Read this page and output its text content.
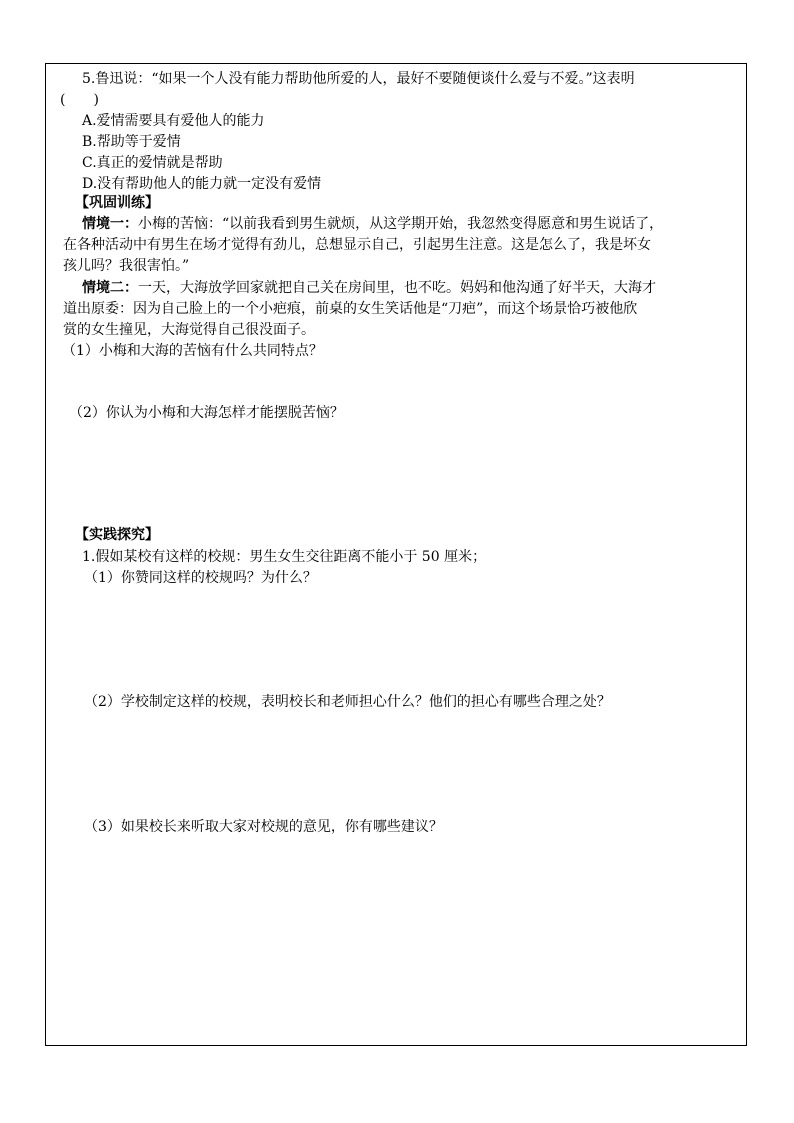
5.鲁迅说：“如果一个人没有能力帮助他所爱的人，最好不要随便谈什么爱与不爱。”这表明
(　　)
A.爱情需要具有爱他人的能力
B.帮助等于爱情
C.真正的爱情就是帮助
D.没有帮助他人的能力就一定没有爱情
【巩固训练】
情境一：小梅的苦恼：“以前我看到男生就烦，从这学期开始，我忽然变得愿意和男生说话了，
在各种活动中有男生在场才觉得有劲儿，总想显示自己，引起男生注意。这是怎么了，我是坏女
孩儿吗？我很害怕。”
情境二：一天，大海放学回家就把自己关在房间里，也不吃。妈妈和他沟通了好半天，大海才
道出原委：因为自己脸上的一个小疤痕，前桌的女生笑话他是“刀疤”，而这个场景恰巧被他欣
赏的女生撞见，大海觉得自己很没面子。
（1）小梅和大海的苦恼有什么共同特点？
（2）你认为小梅和大海怎样才能摆脱苦恼？
【实践探究】
1.假如某校有这样的校规：男生女生交往距离不能小于 50 厘米；
（1）你赞同这样的校规吗？为什么？
（2）学校制定这样的校规，表明校长和老师担心什么？他们的担心有哪些合理之处？
（3）如果校长来听取大家对校规的意见，你有哪些建议？
